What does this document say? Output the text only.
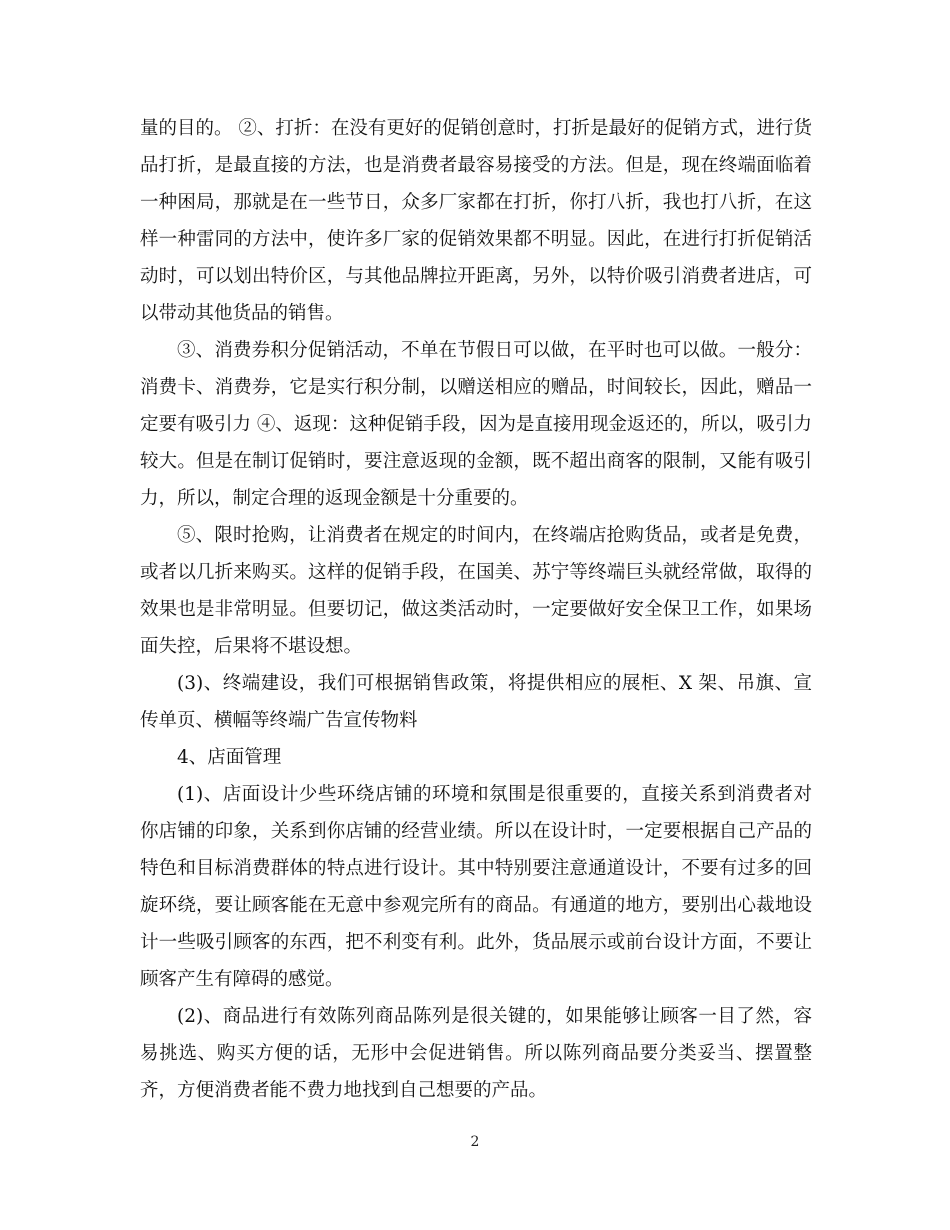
量的目的。 ②、打折：在没有更好的促销创意时，打折是最好的促销方式，进行货品打折，是最直接的方法，也是消费者最容易接受的方法。但是，现在终端面临着一种困局，那就是在一些节日，众多厂家都在打折，你打八折，我也打八折，在这样一种雷同的方法中，使许多厂家的促销效果都不明显。因此，在进行打折促销活动时，可以划出特价区，与其他品牌拉开距离，另外，以特价吸引消费者进店，可以带动其他货品的销售。

③、消费券积分促销活动，不单在节假日可以做，在平时也可以做。一般分：消费卡、消费券，它是实行积分制，以赠送相应的赠品，时间较长，因此，赠品一定要有吸引力 ④、返现：这种促销手段，因为是直接用现金返还的，所以，吸引力较大。但是在制订促销时，要注意返现的金额，既不超出商客的限制，又能有吸引力，所以，制定合理的返现金额是十分重要的。

⑤、限时抢购，让消费者在规定的时间内，在终端店抢购货品，或者是免费，或者以几折来购买。这样的促销手段，在国美、苏宁等终端巨头就经常做，取得的效果也是非常明显。但要切记，做这类活动时，一定要做好安全保卫工作，如果场面失控，后果将不堪设想。

(3)、终端建设，我们可根据销售政策，将提供相应的展柜、X 架、吊旗、宣传单页、横幅等终端广告宣传物料

4、店面管理

(1)、店面设计少些环绕店铺的环境和氛围是很重要的，直接关系到消费者对你店铺的印象，关系到你店铺的经营业绩。所以在设计时，一定要根据自己产品的特色和目标消费群体的特点进行设计。其中特别要注意通道设计，不要有过多的回旋环绕，要让顾客能在无意中参观完所有的商品。有通道的地方，要别出心裁地设计一些吸引顾客的东西，把不利变有利。此外，货品展示或前台设计方面，不要让顾客产生有障碍的感觉。

(2)、商品进行有效陈列商品陈列是很关键的，如果能够让顾客一目了然，容易挑选、购买方便的话，无形中会促进销售。所以陈列商品要分类妥当、摆置整齐，方便消费者能不费力地找到自己想要的产品。

2
